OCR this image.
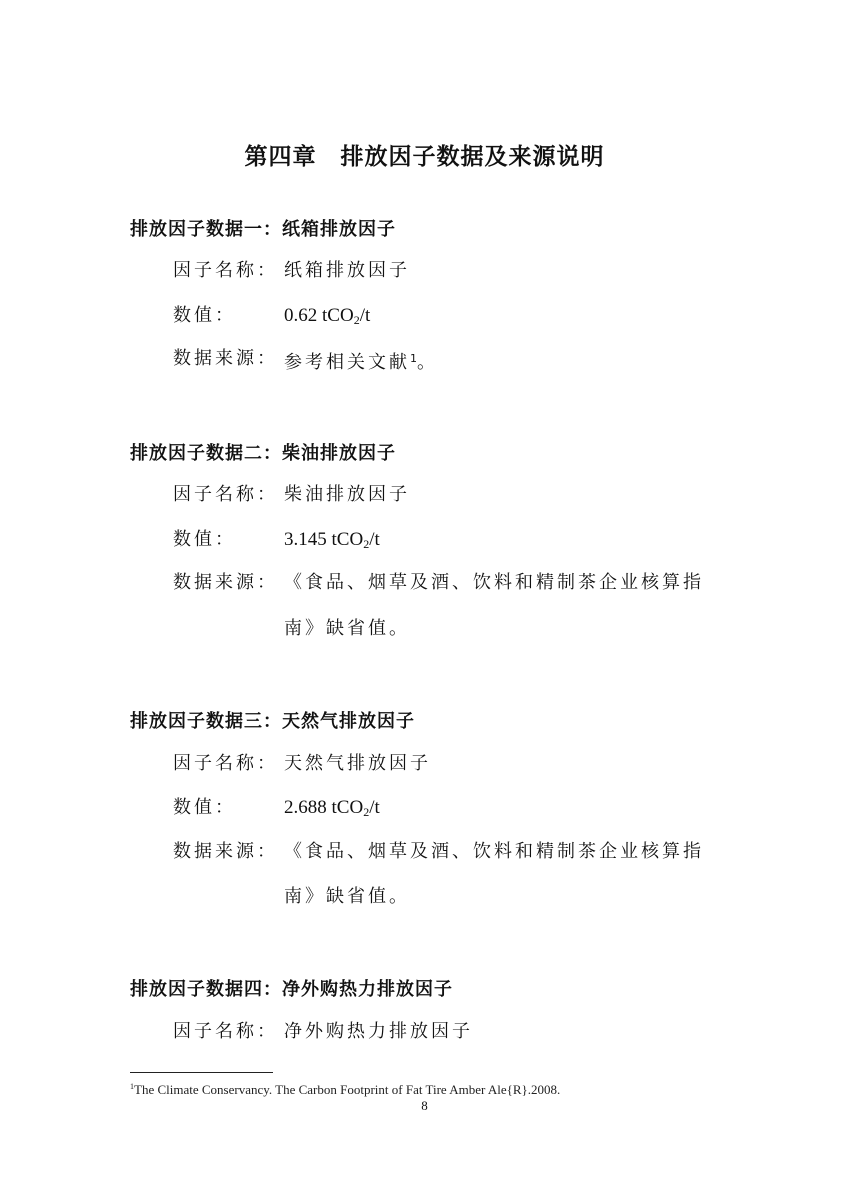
第四章　排放因子数据及来源说明
排放因子数据一：纸箱排放因子
因子名称： 纸箱排放因子
数值：	0.62 tCO$_2$/t
数据来源： 参考相关文献$^1$。
排放因子数据二：柴油排放因子
因子名称： 柴油排放因子
数值：	3.145 tCO$_2$/t
数据来源： 《食品、烟草及酒、饮料和精制茶企业核算指
南》缺省值。
排放因子数据三：天然气排放因子
因子名称： 天然气排放因子
数值：	2.688 tCO$_2$/t
数据来源： 《食品、烟草及酒、饮料和精制茶企业核算指
南》缺省值。
排放因子数据四：净外购热力排放因子
因子名称： 净外购热力排放因子
$^1$The Climate Conservancy. The Carbon Footprint of Fat Tire Amber Ale{R}.2008.
8
